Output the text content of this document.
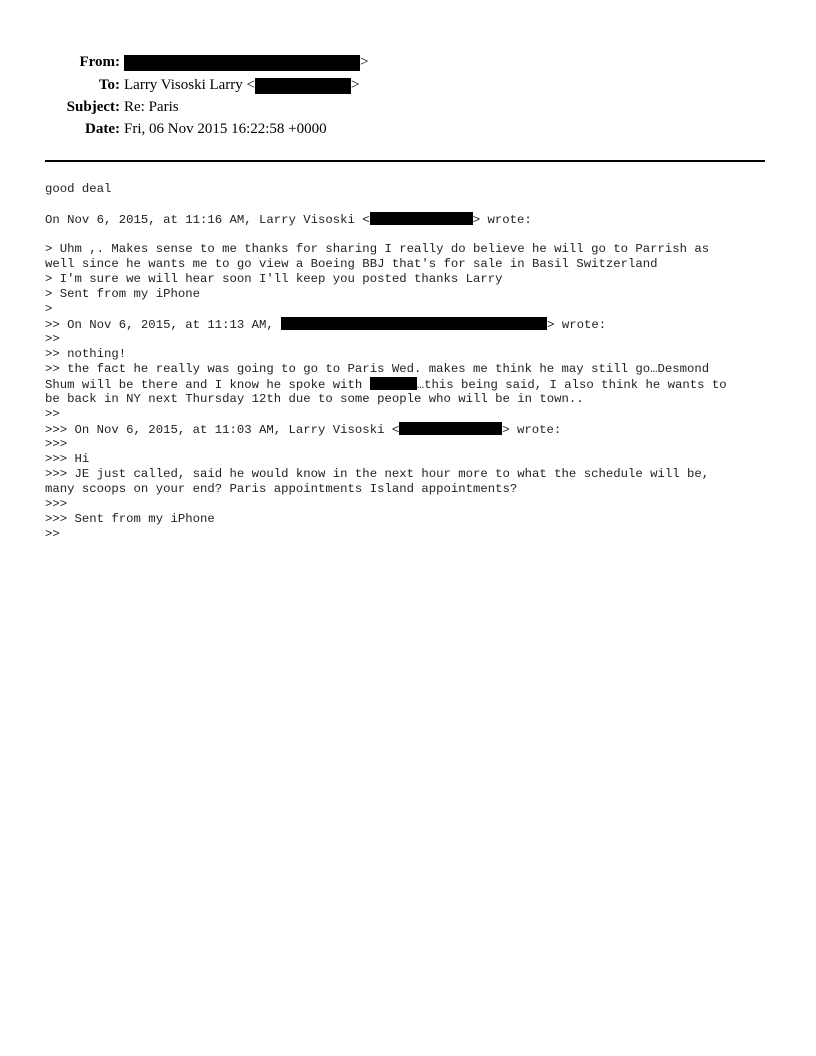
From:	>
To: Larry Visoski Larry <	>
Subject: Re: Paris
Date: Fri, 06 Nov 2015 16:22:58 +0000
good deal
On Nov 6, 2015, at 11:16 AM, Larry Visoski <	> wrote:
> Uhm ,. Makes sense to me thanks for sharing I really do believe he will go to Parrish as
well since he wants me to go view a Boeing BBJ that's for sale in Basil Switzerland
> I'm sure we will hear soon I'll keep you posted thanks Larry
> Sent from my iPhone
>
>> On Nov 6, 2015, at 11:13 AM,	> wrote:
>>
>> nothing!
>> the fact he really was going to go to Paris Wed. makes me think he may still go…Desmond
Shum will be there and I know he spoke with	…this being said, I also think he wants to
be back in NY next Thursday 12th due to some people who will be in town..
>>
>>> On Nov 6, 2015, at 11:03 AM, Larry Visoski <	> wrote:
>>>
>>> Hi
>>> JE just called, said he would know in the next hour more to what the schedule will be,
many scoops on your end? Paris appointments Island appointments?
>>>
>>> Sent from my iPhone
>>
